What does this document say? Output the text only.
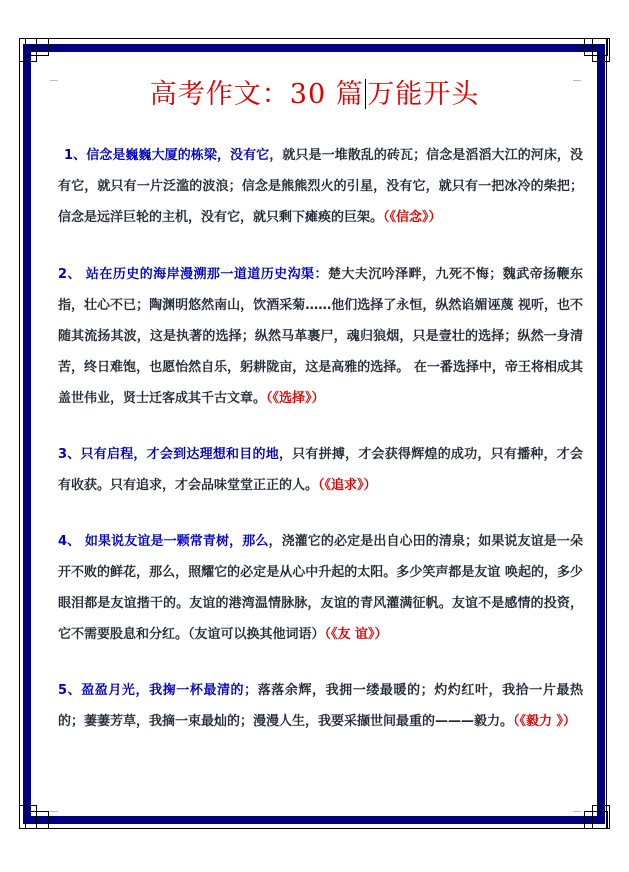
高考作文：30 篇 万能开头

1、信念是巍巍大厦的栋梁，没有它，就只是一堆散乱的砖瓦；信念是滔滔大江的河床，没有它，就只有一片泛滥的波浪；信念是熊熊烈火的引星，没有它，就只有一把冰冷的柴把；信念是远洋巨轮的主机，没有它，就只剩下瘫痪的巨架。（《信念》）

2、 站在历史的海岸漫溯那一道道历史沟渠：楚大夫沉吟泽畔，九死不悔；魏武帝扬鞭东指，壮心不已；陶渊明悠然南山，饮酒采菊……他们选择了永恒，纵然谄媚诬蔑 视听，也不随其流扬其波，这是执著的选择；纵然马革裹尸，魂归狼烟，只是壹壮的选择；纵然一身清苦，终日难饱，也愿怡然自乐，躬耕陇亩，这是高雅的选择。 在一番选择中，帝王将相成其盖世伟业，贤士迁客成其千古文章。（《选择》）

3、只有启程，才会到达理想和目的地，只有拼搏，才会获得辉煌的成功，只有播种，才会有收获。只有追求，才会品味堂堂正正的人。（《追求》）

4、 如果说友谊是一颗常青树，那么，浇灌它的必定是出自心田的清泉；如果说友谊是一朵开不败的鲜花，那么，照耀它的必定是从心中升起的太阳。多少笑声都是友谊 唤起的，多少眼泪都是友谊揩干的。友谊的港湾温情脉脉，友谊的青风灌满征帆。友谊不是感情的投资，它不需要股息和分红。（友谊可以换其他词语）（《友 谊》）

5、盈盈月光，我掬一杯最清的；落落余辉，我拥一缕最暖的；灼灼红叶，我拾一片最热的；萋萋芳草，我摘一束最灿的；漫漫人生，我要采撷世间最重的———毅力。（《毅力 》）
